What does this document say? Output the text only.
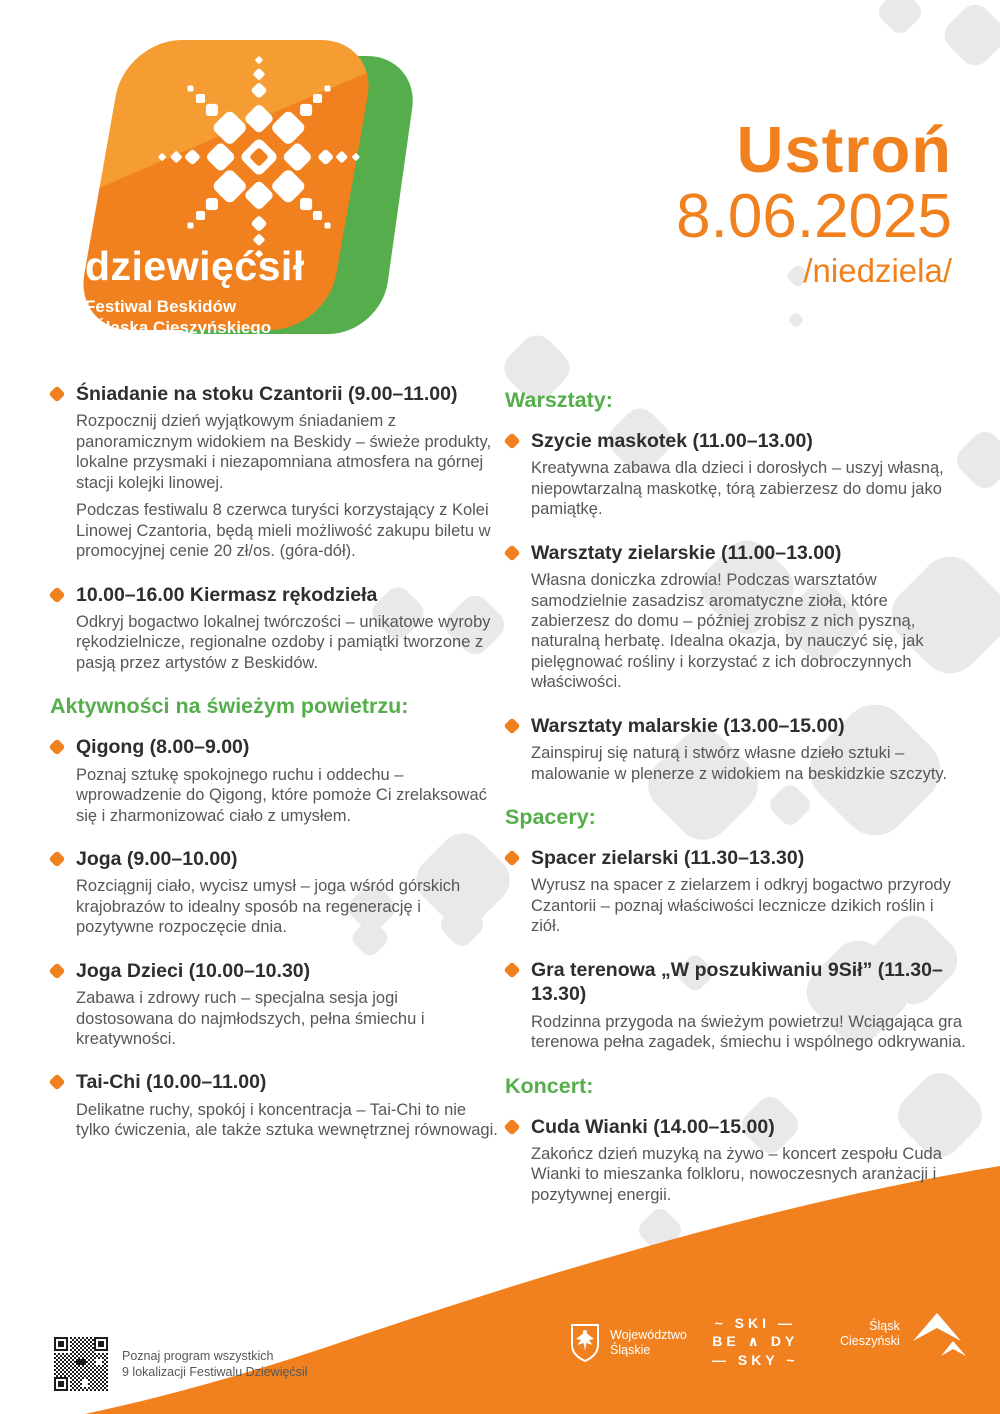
dziewięćsił
Festiwal Beskidów
i Śląska Cieszyńskiego
Ustroń
8.06.2025
/niedziela/
Śniadanie na stoku Czantorii (9.00–11.00)

Rozpocznij dzień wyjątkowym śniadaniem z panoramicznym widokiem na Beskidy – świeże produkty, lokalne przysmaki i niezapomniana atmosfera na górnej stacji kolejki linowej.

Podczas festiwalu 8 czerwca turyści korzystający z Kolei Linowej Czantoria, będą mieli możliwość zakupu biletu w promocyjnej cenie 20 zł/os. (góra-dół).

10.00–16.00 Kiermasz rękodzieła

Odkryj bogactwo lokalnej twórczości – unikatowe wyroby rękodzielnicze, regionalne ozdoby i pamiątki tworzone z pasją przez artystów z Beskidów.

Aktywności na świeżym powietrzu:
Qigong (8.00–9.00)

Poznaj sztukę spokojnego ruchu i oddechu – wprowadzenie do Qigong, które pomoże Ci zrelaksować się i zharmonizować ciało z umysłem.

Joga (9.00–10.00)

Rozciągnij ciało, wycisz umysł – joga wśród górskich krajobrazów to idealny sposób na regenerację i pozytywne rozpoczęcie dnia.

Joga Dzieci (10.00–10.30)

Zabawa i zdrowy ruch – specjalna sesja jogi dostosowana do najmłodszych, pełna śmiechu i kreatywności.

Tai-Chi (10.00–11.00)

Delikatne ruchy, spokój i koncentracja – Tai-Chi to nie tylko ćwiczenia, ale także sztuka wewnętrznej równowagi.

Warsztaty:
Szycie maskotek (11.00–13.00)

Kreatywna zabawa dla dzieci i dorosłych – uszyj własną, niepowtarzalną maskotkę, tórą zabierzesz do domu jako pamiątkę.

Warsztaty zielarskie (11.00–13.00)

Własna doniczka zdrowia! Podczas warsztatów samodzielnie zasadzisz aromatyczne zioła, które zabierzesz do domu – później zrobisz z nich pyszną, naturalną herbatę. Idealna okazja, by nauczyć się, jak pielęgnować rośliny i korzystać z ich dobroczynnych właściwości.

Warsztaty malarskie (13.00–15.00)

Zainspiruj się naturą i stwórz własne dzieło sztuki – malowanie w plenerze z widokiem na beskidzkie szczyty.

Spacery:
Spacer zielarski (11.30–13.30)

Wyrusz na spacer z zielarzem i odkryj bogactwo przyrody Czantorii – poznaj właściwości lecznicze dzikich roślin i ziół.

Gra terenowa „W poszukiwaniu 9Sił” (11.30–13.30)

Rodzinna przygoda na świeżym powietrzu! Wciągająca gra terenowa pełna zagadek, śmiechu i wspólnego odkrywania.

Koncert:
Cuda Wianki (14.00–15.00)

Zakończ dzień muzyką na żywo – koncert zespołu Cuda Wianki to mieszanka folkloru, nowoczesnych aranżacji i pozytywnej energii.

Poznaj program wszystkich
9 lokalizacji Festiwalu Dziewięćsił
Województwo
Śląskie
~ SKI —
BE ∧ DY
— SKY ~
Śląsk
Cieszyński
